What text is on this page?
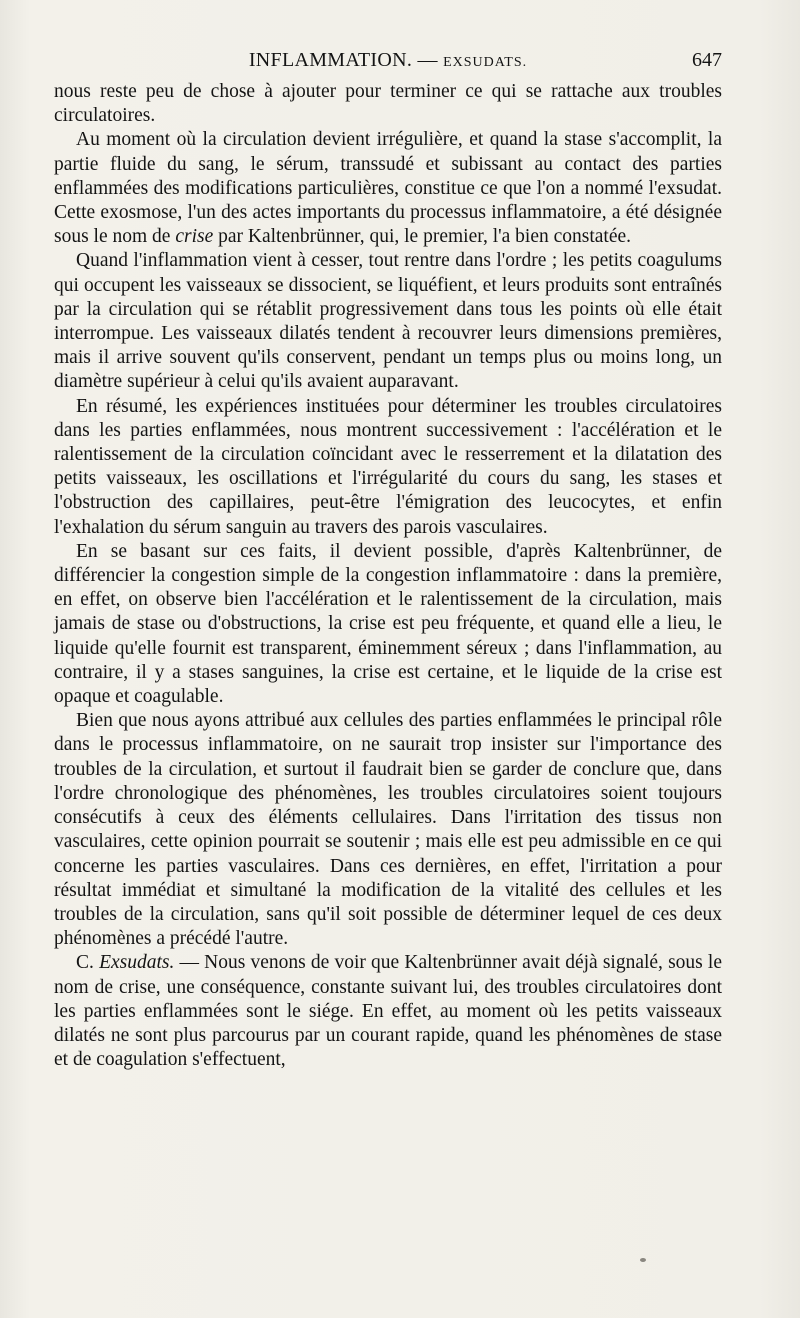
INFLAMMATION. — EXSUDATS.	647

nous reste peu de chose à ajouter pour terminer ce qui se rattache aux troubles circulatoires.

Au moment où la circulation devient irrégulière, et quand la stase s'accomplit, la partie fluide du sang, le sérum, transsudé et subissant au contact des parties enflammées des modifications particulières, constitue ce que l'on a nommé l'exsudat. Cette exosmose, l'un des actes importants du processus inflammatoire, a été désignée sous le nom de crise par Kaltenbrünner, qui, le premier, l'a bien constatée.

Quand l'inflammation vient à cesser, tout rentre dans l'ordre ; les petits coagulums qui occupent les vaisseaux se dissocient, se liquéfient, et leurs produits sont entraînés par la circulation qui se rétablit progressivement dans tous les points où elle était interrompue. Les vaisseaux dilatés tendent à recouvrer leurs dimensions premières, mais il arrive souvent qu'ils conservent, pendant un temps plus ou moins long, un diamètre supérieur à celui qu'ils avaient auparavant.

En résumé, les expériences instituées pour déterminer les troubles circulatoires dans les parties enflammées, nous montrent successivement : l'accélération et le ralentissement de la circulation coïncidant avec le resserrement et la dilatation des petits vaisseaux, les oscillations et l'irrégularité du cours du sang, les stases et l'obstruction des capillaires, peut-être l'émigration des leucocytes, et enfin l'exhalation du sérum sanguin au travers des parois vasculaires.

En se basant sur ces faits, il devient possible, d'après Kaltenbrünner, de différencier la congestion simple de la congestion inflammatoire : dans la première, en effet, on observe bien l'accélération et le ralentissement de la circulation, mais jamais de stase ou d'obstructions, la crise est peu fréquente, et quand elle a lieu, le liquide qu'elle fournit est transparent, éminemment séreux ; dans l'inflammation, au contraire, il y a stases sanguines, la crise est certaine, et le liquide de la crise est opaque et coagulable.

Bien que nous ayons attribué aux cellules des parties enflammées le principal rôle dans le processus inflammatoire, on ne saurait trop insister sur l'importance des troubles de la circulation, et surtout il faudrait bien se garder de conclure que, dans l'ordre chronologique des phénomènes, les troubles circulatoires soient toujours consécutifs à ceux des éléments cellulaires. Dans l'irritation des tissus non vasculaires, cette opinion pourrait se soutenir ; mais elle est peu admissible en ce qui concerne les parties vasculaires. Dans ces dernières, en effet, l'irritation a pour résultat immédiat et simultané la modification de la vitalité des cellules et les troubles de la circulation, sans qu'il soit possible de déterminer lequel de ces deux phénomènes a précédé l'autre.

C. Exsudats. — Nous venons de voir que Kaltenbrünner avait déjà signalé, sous le nom de crise, une conséquence, constante suivant lui, des troubles circulatoires dont les parties enflammées sont le siége. En effet, au moment où les petits vaisseaux dilatés ne sont plus parcourus par un courant rapide, quand les phénomènes de stase et de coagulation s'effectuent,
